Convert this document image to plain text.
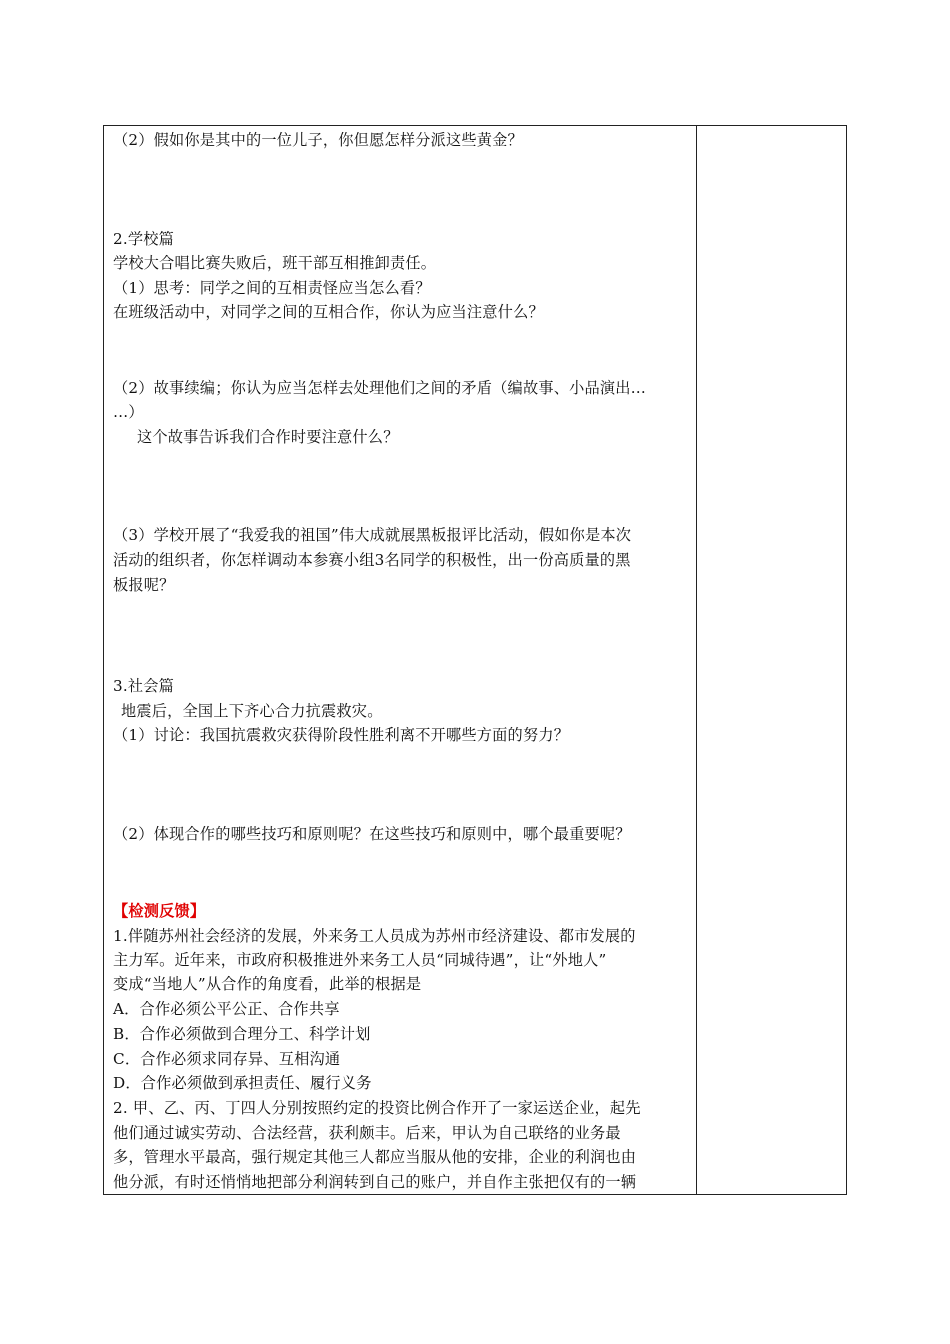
（2）假如你是其中的一位儿子，你但愿怎样分派这些黄金？
2.学校篇
学校大合唱比赛失败后，班干部互相推卸责任。
（1）思考：同学之间的互相责怪应当怎么看？
在班级活动中，对同学之间的互相合作，你认为应当注意什么？
（2）故事续编；你认为应当怎样去处理他们之间的矛盾（编故事、小品演出…
…）
这个故事告诉我们合作时要注意什么？
（3）学校开展了“我爱我的祖国”伟大成就展黑板报评比活动，假如你是本次
活动的组织者，你怎样调动本参赛小组3名同学的积极性，出一份高质量的黑
板报呢？
3.社会篇
地震后，全国上下齐心合力抗震救灾。
（1）讨论：我国抗震救灾获得阶段性胜利离不开哪些方面的努力？
（2）体现合作的哪些技巧和原则呢？在这些技巧和原则中，哪个最重要呢？
【检测反馈】
1.伴随苏州社会经济的发展，外来务工人员成为苏州市经济建设、都市发展的
主力军。近年来，市政府积极推进外来务工人员“同城待遇”，让“外地人”
变成“当地人”从合作的角度看，此举的根据是
A．合作必须公平公正、合作共享
B．合作必须做到合理分工、科学计划
C．合作必须求同存异、互相沟通
D．合作必须做到承担责任、履行义务
2. 甲、乙、丙、丁四人分别按照约定的投资比例合作开了一家运送企业，起先
他们通过诚实劳动、合法经营，获利颇丰。后来，甲认为自己联络的业务最
多，管理水平最高，强行规定其他三人都应当服从他的安排，企业的利润也由
他分派，有时还悄悄地把部分利润转到自己的账户，并自作主张把仅有的一辆
